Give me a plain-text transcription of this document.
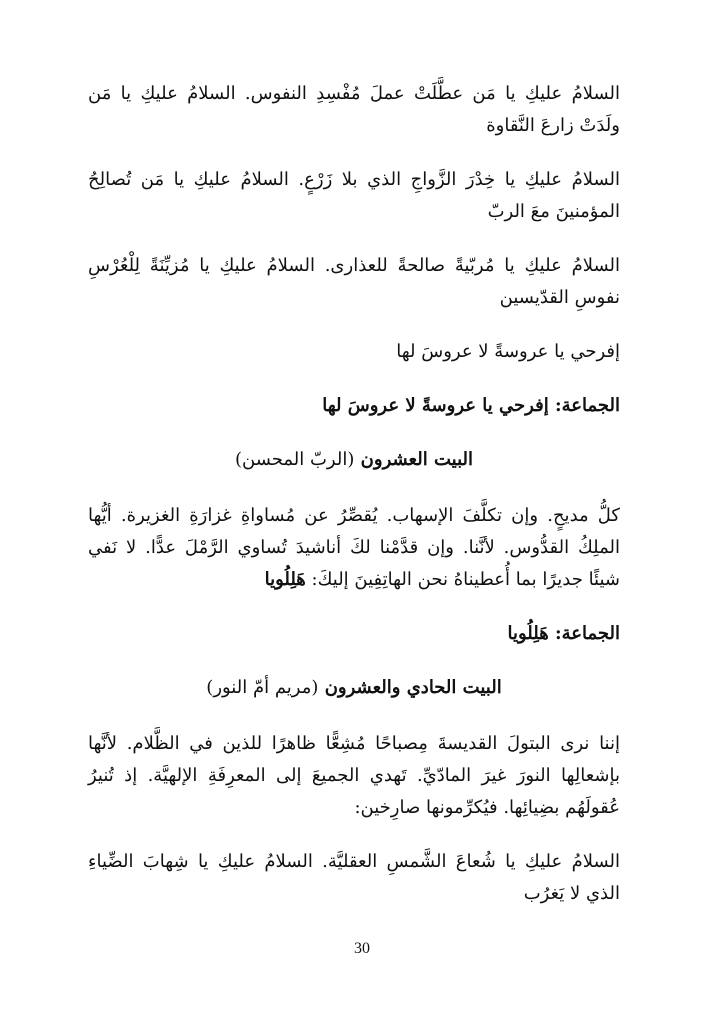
السلامُ عليكِ يا مَن عطَّلَتْ عملَ مُفْسِدِ النفوس. السلامُ عليكِ يا مَن ولَدَتْ زارعَ النَّقاوة

السلامُ عليكِ يا خِدْرَ الزَّواجِ الذي بلا زَرْعٍ. السلامُ عليكِ يا مَن تُصالِحُ المؤمنينَ معَ الربّ

السلامُ عليكِ يا مُربّيةً صالحةً للعذارى. السلامُ عليكِ يا مُزيِّنَةً لِلْعُرْسِ نفوسِ القدّيسين

إفرحي يا عروسةً لا عروسَ لها

الجماعة: إفرحي يا عروسةً لا عروسَ لها

البيت العشرون (الربّ المحسن)

كلُّ مديحٍ. وإن تكلَّفَ الإسهاب. يُقصِّرُ عن مُساواةِ غزارَةِ الغزيرة. أيُّها الملِكُ القدُّوس. لأنَّنا. وإن قدَّمْنا لكَ أناشيدَ تُساوي الرَّمْلَ عدًّا. لا نَفي شيئًا جديرًا بما أُعطيناهُ نحن الهاتِفِينَ إليكَ: هَلِلُويا

الجماعة: هَلِلُويا

البيت الحادي والعشرون (مريم أمّ النور)

إننا نرى البتولَ القديسةَ مِصباحًا مُشِعًّا ظاهرًا للذين في الظَّلام. لأنَّها بإشعالِها النورَ غيرَ المادّيِّ. تَهدي الجميعَ إلى المعرِفَةِ الإلهيَّة. إذ تُنيرُ عُقولَهُم بضِيائِها. فيُكرِّمونها صارِخين:

السلامُ عليكِ يا شُعاعَ الشَّمسِ العقليَّة. السلامُ عليكِ يا شِهابَ الضِّياءِ الذي لا يَغرُب

30
